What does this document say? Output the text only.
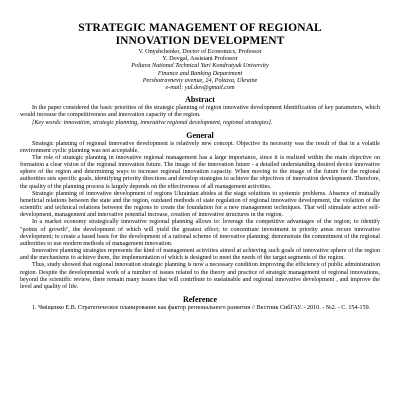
STRATEGIC MANAGEMENT OF REGIONAL
INNOVATION DEVELOPMENT
V. Onyshchenko, Doctor of Economics, Professor
Y. Dovgal, Assistant Professor
Poltava National Technical Yuri Kondratyuk University
Finance and Banking Department
Pershotravneviy avenue, 24, Poltava, Ukraine
e-mail: yul.dov@gmail.com
Abstract

In the paper considered the basic priorities of the strategic planning of region innovative development Identification of key parameters, which would increase the competitiveness and innovation capacity of the region.

[Key words: innovation, strategic planning, innovative regional development, regional strategies].

General

Strategic planning of regional innovative development is relatively new concept. Objective its necessity was the result of that in a volatile environment cyclic planning was not acceptable.

The role of strategic planning in innovative regional management has a large importance, since it is realized within the main objective on formation a clear vision of the regional innovation future. The image of the innovation future - a detailed understanding desired device innovative sphere of the region and determining ways to increase regional innovation capacity. When moving to the image of the future for the regional authorities sets specific goals, identifying priority directions and develop strategies to achieve the objectives of innovation development. Therefore, the quality of the planning process is largely depends on the effectiveness of all management activities.

Strategic planning of innovative development of regions Ukrainian abides at the stage solutions to systemic problems. Absence of mutually beneficial relations between the state and the region, outdated methods of state regulation of regional innovative development, the violation of the scientific and technical relations between the regions to create the foundation for a new management techniques. That will stimulate active self-development, management and innovative potential increase, creation of innovative structures in the region.

In a market economy strategically innovative regional planning allows to: leverage the competitive advantages of the region; to identify "points of growth", the development of which will yield the greatest effect; to concentrate investment in priority areas recurs innovative development; to create a based basis for the development of a rational scheme of innovative planning; demonstrate the commitment of the regional authorities to use modern methods of management innovation.

Innovative planning strategies represents the kind of management activities aimed at achieving such goals of innovative sphere of the region and the mechanisms to achieve them, the implementation of which is designed to meet the needs of the target segments of the region.

Thus, study showed that regional innovation strategic planning is now a necessary condition improving the efficiency of public administration region. Despite the developmental work of a number of issues related to the theory and practice of strategic management of regional innovations, beyond the scientific review, there remain many issues that will contribute to sustainable and regional innovative development , and improve the level and quality of life.

Reference
1. Чміщенко Е.В. Стратегическое планирование как фактор регионального развития // Вестник СибГАУ. - 2010. - №2. - С. 154-159.
